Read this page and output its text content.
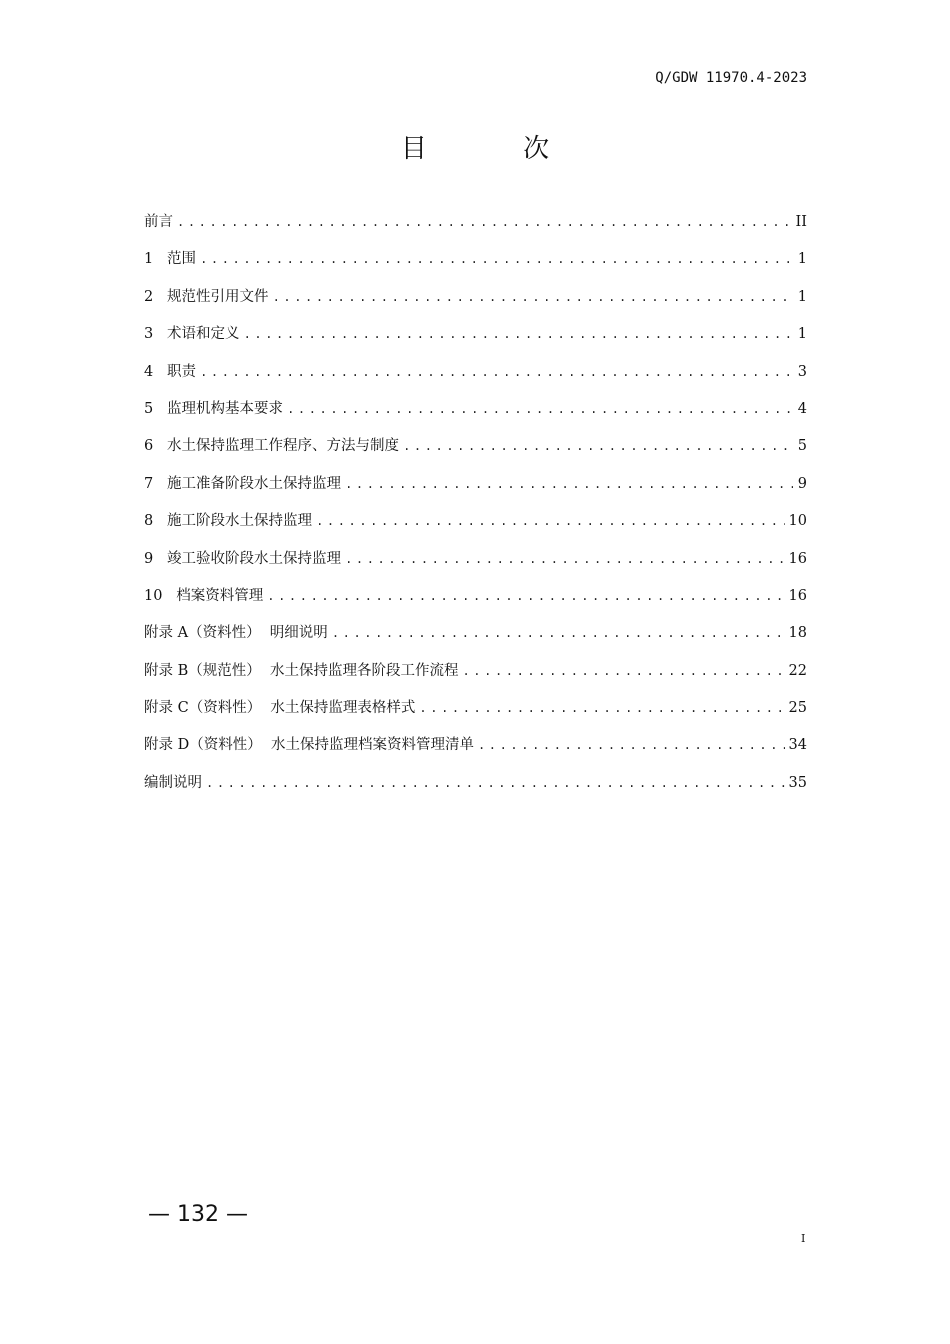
Q/GDW 11970.4-2023
目 次
前言 .....	II
1   范围 .....	1
2   规范性引用文件 .....	1
3   术语和定义 .....	1
4   职责 .....	3
5   监理机构基本要求 .....	4
6   水土保持监理工作程序、方法与制度 .....	5
7   施工准备阶段水土保持监理 .....	9
8   施工阶段水土保持监理 .....	10
9   竣工验收阶段水土保持监理 .....	16
10   档案资料管理 .....	16
附录 A（资料性）  明细说明 .....	18
附录 B（规范性）  水土保持监理各阶段工作流程 .....	22
附录 C（资料性）  水土保持监理表格样式 .....	25
附录 D（资料性）  水土保持监理档案资料管理清单 .....	34
编制说明 .....	35
— 132 —
I
